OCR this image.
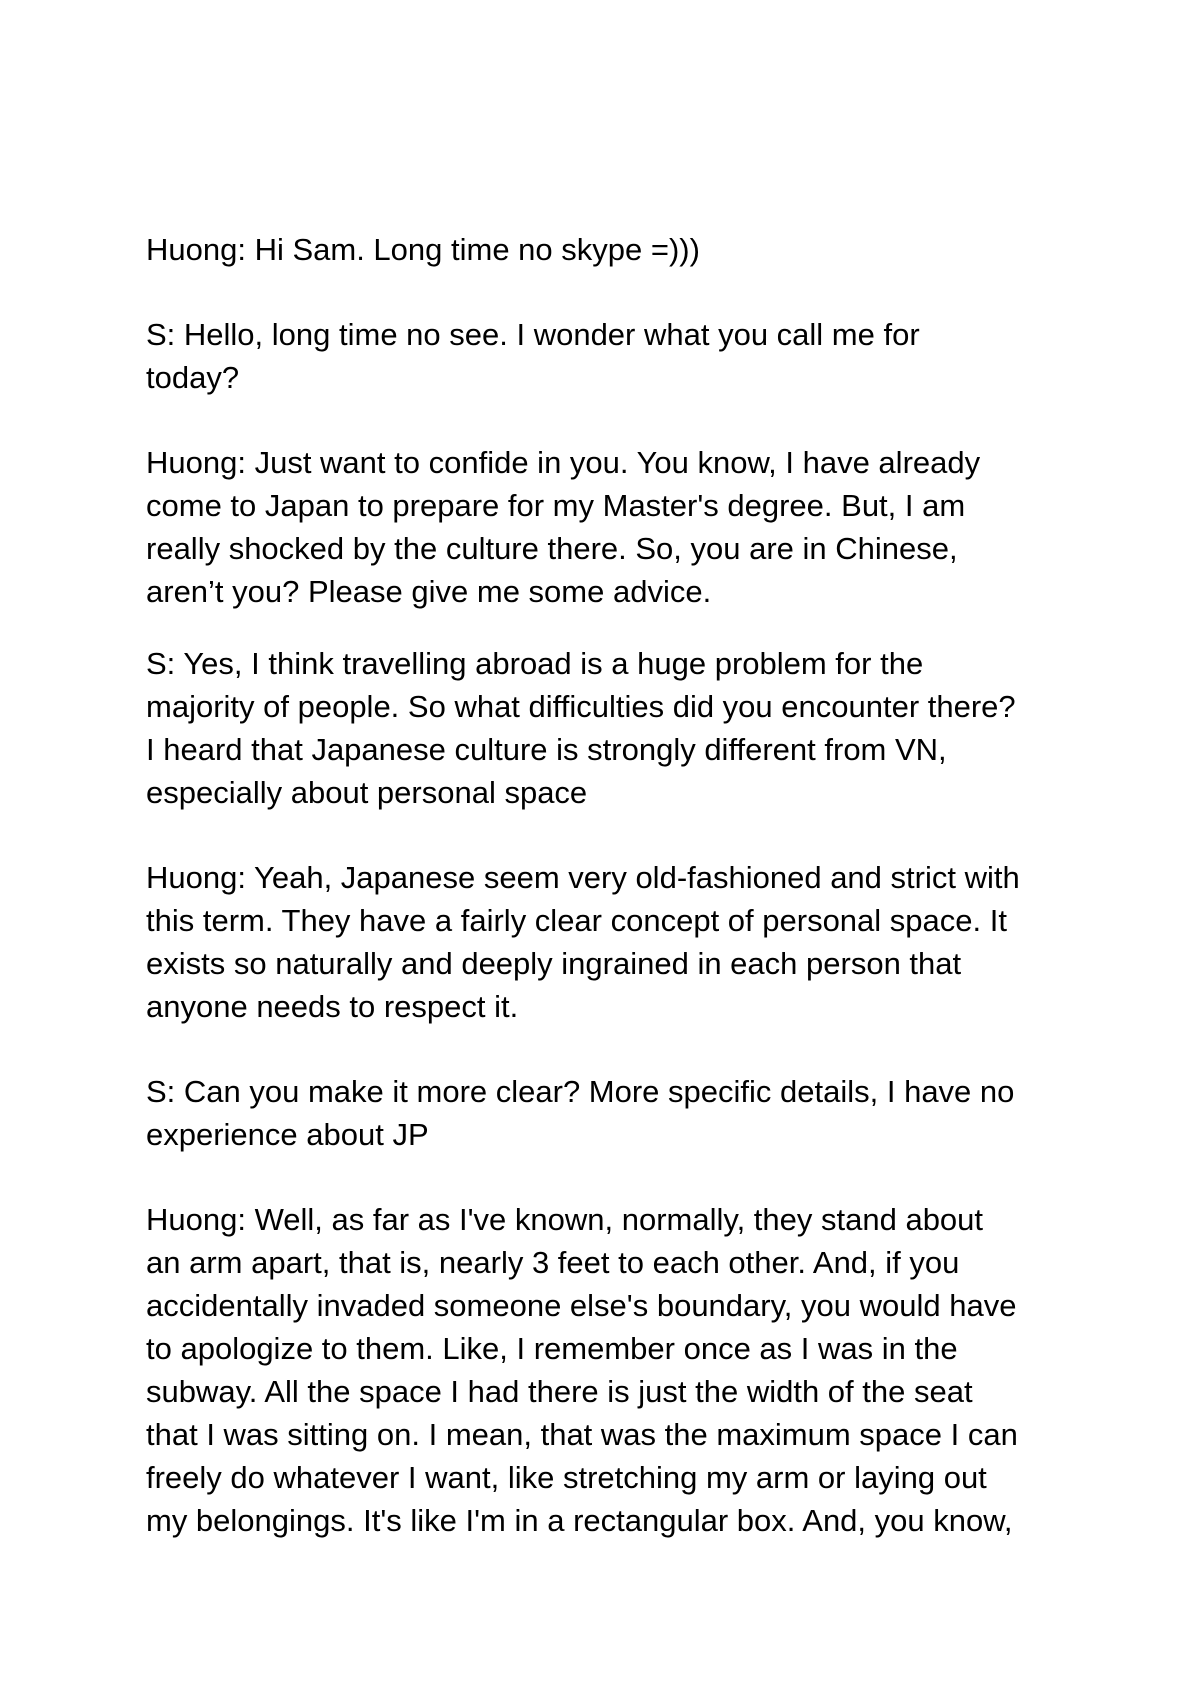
Huong: Hi Sam. Long time no skype =)))
S: Hello, long time no see. I wonder what you call me for
today?
Huong: Just want to confide in you. You know, I have already
come to Japan to prepare for my Master's degree. But, I am
really shocked by the culture there. So, you are in Chinese,
aren’t you? Please give me some advice.
S: Yes, I think travelling abroad is a huge problem for the
majority of people. So what difficulties did you encounter there?
I heard that Japanese culture is strongly different from VN,
especially about personal space
Huong: Yeah, Japanese seem very old-fashioned and strict with
this term. They have a fairly clear concept of personal space. It
exists so naturally and deeply ingrained in each person that
anyone needs to respect it.
S: Can you make it more clear? More specific details, I have no
experience about JP
Huong: Well, as far as I've known, normally, they stand about
an arm apart, that is, nearly 3 feet to each other. And, if you
accidentally invaded someone else's boundary, you would have
to apologize to them. Like, I remember once as I was in the
subway. All the space I had there is just the width of the seat
that I was sitting on. I mean, that was the maximum space I can
freely do whatever I want, like stretching my arm or laying out
my belongings. It's like I'm in a rectangular box. And, you know,
